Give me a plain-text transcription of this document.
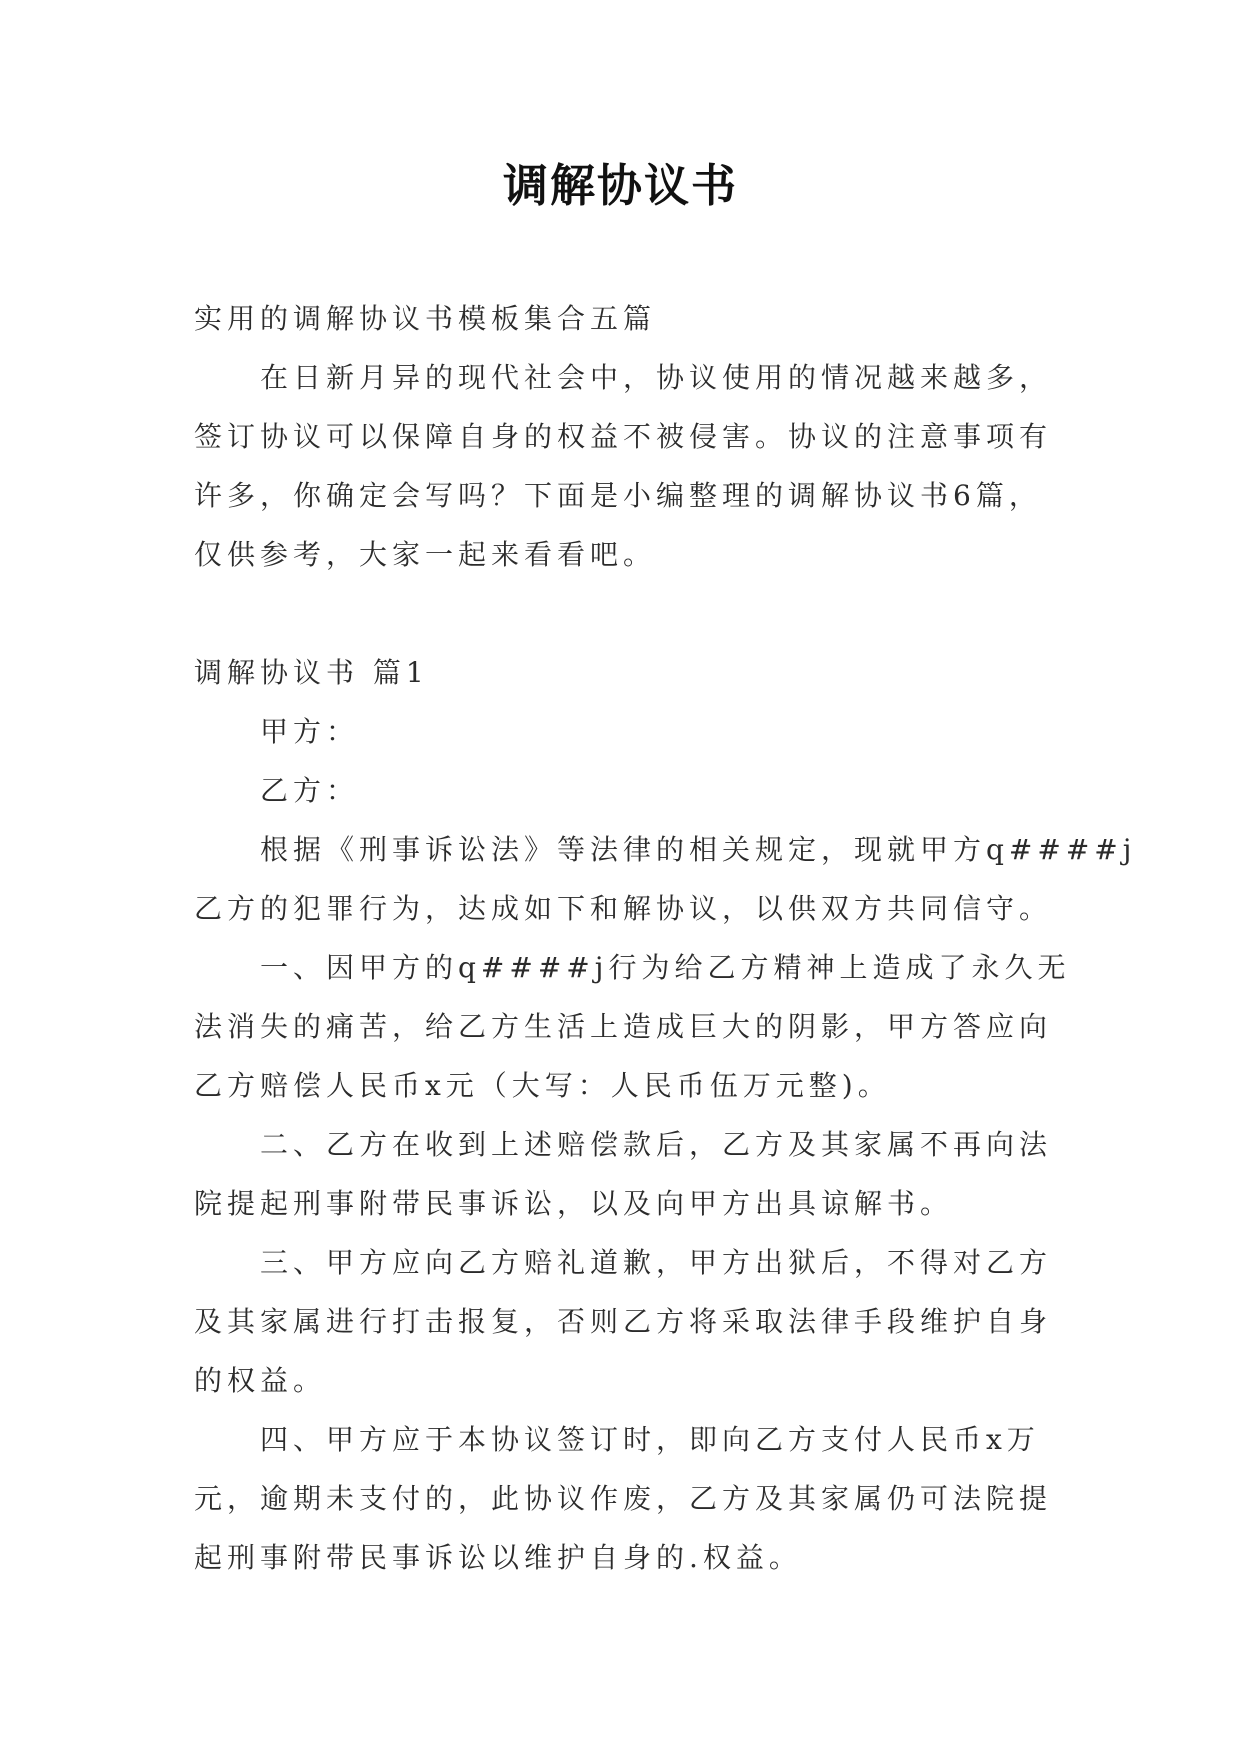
调解协议书
实用的调解协议书模板集合五篇
在日新月异的现代社会中，协议使用的情况越来越多，
签订协议可以保障自身的权益不被侵害。协议的注意事项有
许多，你确定会写吗？下面是小编整理的调解协议书6篇，
仅供参考，大家一起来看看吧。
调解协议书 篇1
甲方：
乙方：
根据《刑事诉讼法》等法律的相关规定，现就甲方q####j
乙方的犯罪行为，达成如下和解协议，以供双方共同信守。
一、因甲方的q####j行为给乙方精神上造成了永久无
法消失的痛苦，给乙方生活上造成巨大的阴影，甲方答应向
乙方赔偿人民币x元（大写：人民币伍万元整)。
二、乙方在收到上述赔偿款后，乙方及其家属不再向法
院提起刑事附带民事诉讼，以及向甲方出具谅解书。
三、甲方应向乙方赔礼道歉，甲方出狱后，不得对乙方
及其家属进行打击报复，否则乙方将采取法律手段维护自身
的权益。
四、甲方应于本协议签订时，即向乙方支付人民币x万
元，逾期未支付的，此协议作废，乙方及其家属仍可法院提
起刑事附带民事诉讼以维护自身的.权益。
